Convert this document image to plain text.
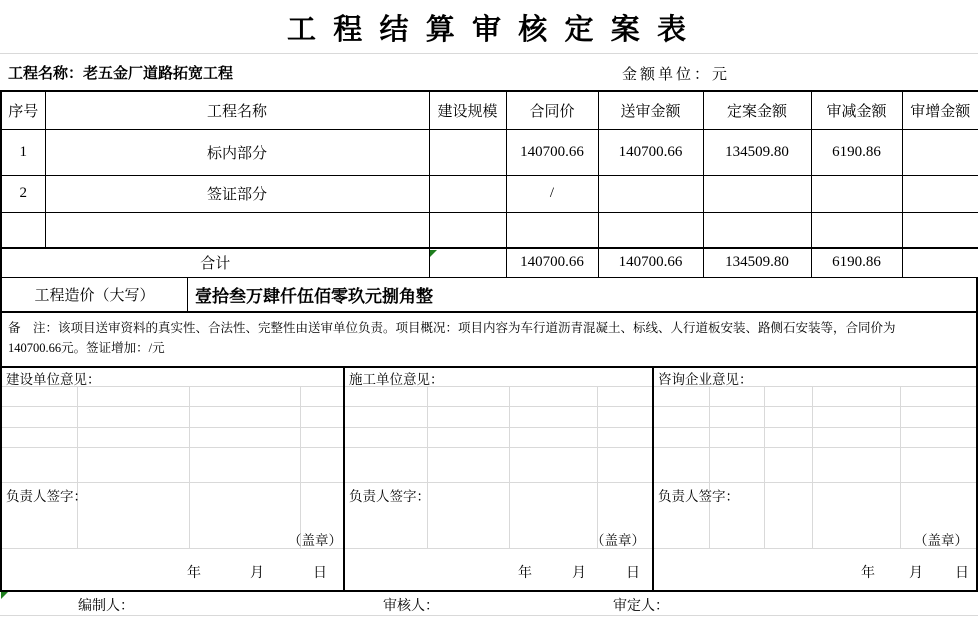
工 程 结 算 审 核 定 案 表
工程名称：老五金厂道路拓宽工程	金额单位：元
序号	工程名称	建设规模	合同价	送审金额	定案金额	审减金额	审增金额
1	标内部分		140700.66	140700.66	134509.80	6190.86	
2	签证部分		/				

合计			140700.66	140700.66	134509.80	6190.86	
工程造价（大写）	壹拾叁万肆仟伍佰零玖元捌角整
备　注：该项目送审资料的真实性、合法性、完整性由送审单位负责。项目概况：项目内容为车行道沥青混凝土、标线、人行道板安装、路侧石安装等，合同价为
140700.66元。签证增加：/元
建设单位意见：
负责人签字：
（盖章）
年	月	日
施工单位意见：
负责人签字：
（盖章）
年	月	日
咨询企业意见：
负责人签字：
（盖章）
年	月	日
编制人：	审核人：	审定人：
